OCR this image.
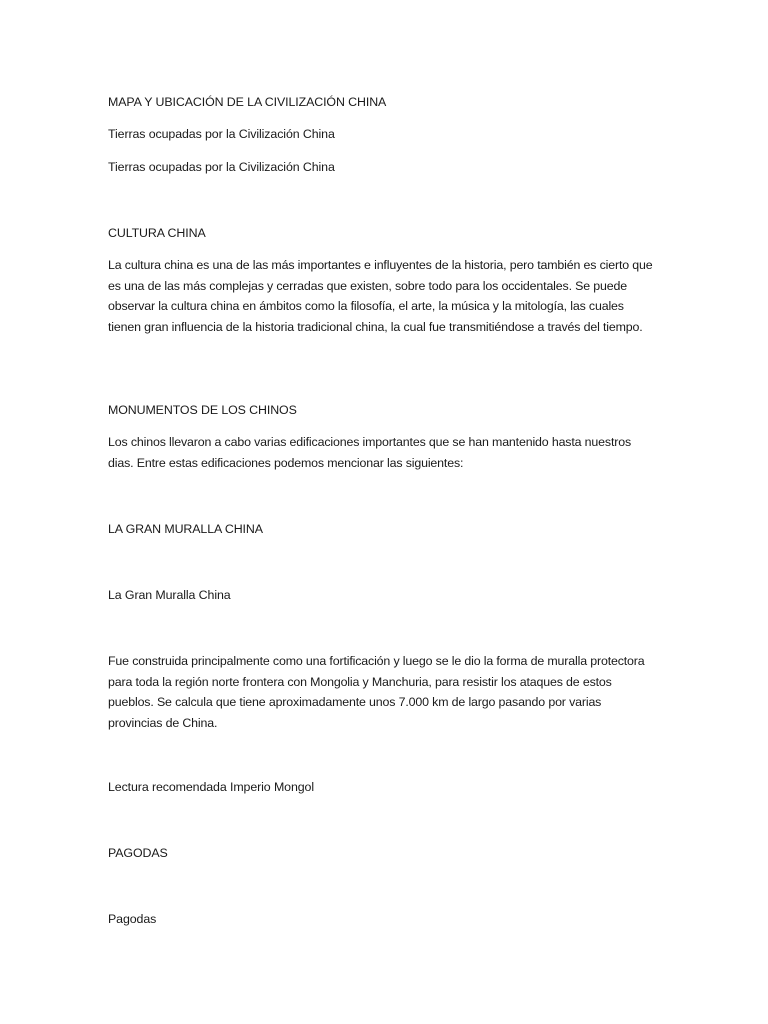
MAPA Y UBICACIÓN DE LA CIVILIZACIÓN CHINA

Tierras ocupadas por la Civilización China

Tierras ocupadas por la Civilización China

CULTURA CHINA

La cultura china es una de las más importantes e influyentes de la historia, pero también es cierto que es una de las más complejas y cerradas que existen, sobre todo para los occidentales. Se puede observar la cultura china en ámbitos como la filosofía, el arte, la música y la mitología, las cuales tienen gran influencia de la historia tradicional china, la cual fue transmitiéndose a través del tiempo.

MONUMENTOS DE LOS CHINOS

Los chinos llevaron a cabo varias edificaciones importantes que se han mantenido hasta nuestros dias. Entre estas edificaciones podemos mencionar las siguientes:

LA GRAN MURALLA CHINA

La Gran Muralla China

Fue construida principalmente como una fortificación y luego se le dio la forma de muralla protectora para toda la región norte frontera con Mongolia y Manchuria, para resistir los ataques de estos pueblos. Se calcula que tiene aproximadamente unos 7.000 km de largo pasando por varias provincias de China.

Lectura recomendada Imperio Mongol

PAGODAS

Pagodas
